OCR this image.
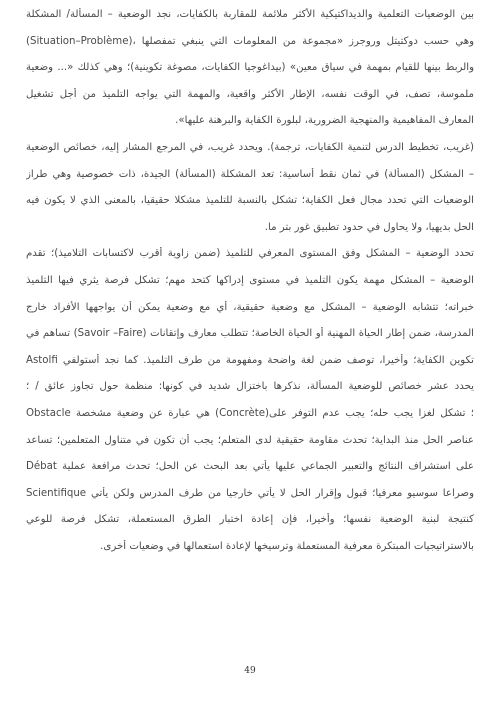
بين الوضعيات التعلمية والديداكتيكية الأكثر ملائمة للمقاربة بالكفايات، نجد الوضعية – المسألة/ المشكلة
(Situation–Problème)، وهي حسب دوكتيتل وروجرز «مجموعة من المعلومات التي ينبغي تمفصلها
والربط بينها للقيام بمهمة في سياق معين» (بيداغوجيا الكفايات، مصوغة تكوينية)؛ وهي كذلك «... وضعية
ملموسة، تصف، في الوقت نفسه، الإطار الأكثر واقعية، والمهمة التي يواجه التلميذ من أجل تشغيل
المعارف المفاهيمية والمنهجية الضرورية، لبلورة الكفاية والبرهنة عليها».
(غريب، تخطيط الدرس لتنمية الكفايات، ترجمة). ويحدد غريب، في المرجع المشار إليه، خصائص الوضعية
– المشكل (المسألة) في ثمان نقط أساسية: تعد المشكلة (المسألة) الجيدة، ذات خصوصية وهي طراز
الوضعيات التي تحدد مجال فعل الكفاية؛ تشكل بالنسبة للتلميذ مشكلا حقيقيا، بالمعنى الذي لا يكون فيه
الحل بديهيا، ولا يحاول في حدود تطبيق غور بتر ما.
تحدد الوضعية – المشكل وفق المستوى المعرفي للتلميذ (ضمن زاوية أقرب لاكتسابات التلاميذ)؛ تقدم
الوضعية – المشكل مهمة يكون التلميذ في مستوى إدراكها كتحد مهم؛ تشكل فرصة يثري فيها التلميذ
خبراته؛ تتشابه الوضعية – المشكل مع وضعية حقيقية، أي مع وضعية يمكن أن يواجهها الأفراد خارج
المدرسة، ضمن إطار الحياة المهنية أو الحياة الخاصة؛ تتطلب معارف وإتقانات (Savoir –Faire) تساهم في
تكوين الكفاية؛ وأخيرا، توصف ضمن لغة واضحة ومفهومة من طرف التلميذ. كما نجد أستولفي Astolfi
يحدد عشر خصائص للوضعية المسألة، نذكرها باختزال شديد في كونها: منظمة حول تجاوز عائق / ؛
Obstacle هي عبارة عن وضعية مشخصة (Concrète)؛ تشكل لغزا يجب حله؛ يجب عدم التوفر على
عناصر الحل منذ البداية؛ تحدث مقاومة حقيقية لدى المتعلم؛ يجب أن تكون في متناول المتعلمين؛ تساعد
على استشراف النتائج والتعبير الجماعي عليها يأتي بعد البحث عن الحل؛ تحدث مرافعة عملية Débat
Scientifique وصراعا سوسيو معرفيا؛ قبول وإقرار الحل لا يأتي خارجيا من طرف المدرس ولكن يأتي
كنتيجة لبنية الوضعية نفسها؛ وأخيرا، فإن إعادة اختبار الطرق المستعملة، تشكل فرصة للوعي
بالاستراتيجيات المبتكرة معرفية المستعملة وترسيخها لإعادة استعمالها في وضعيات أخرى.
49
